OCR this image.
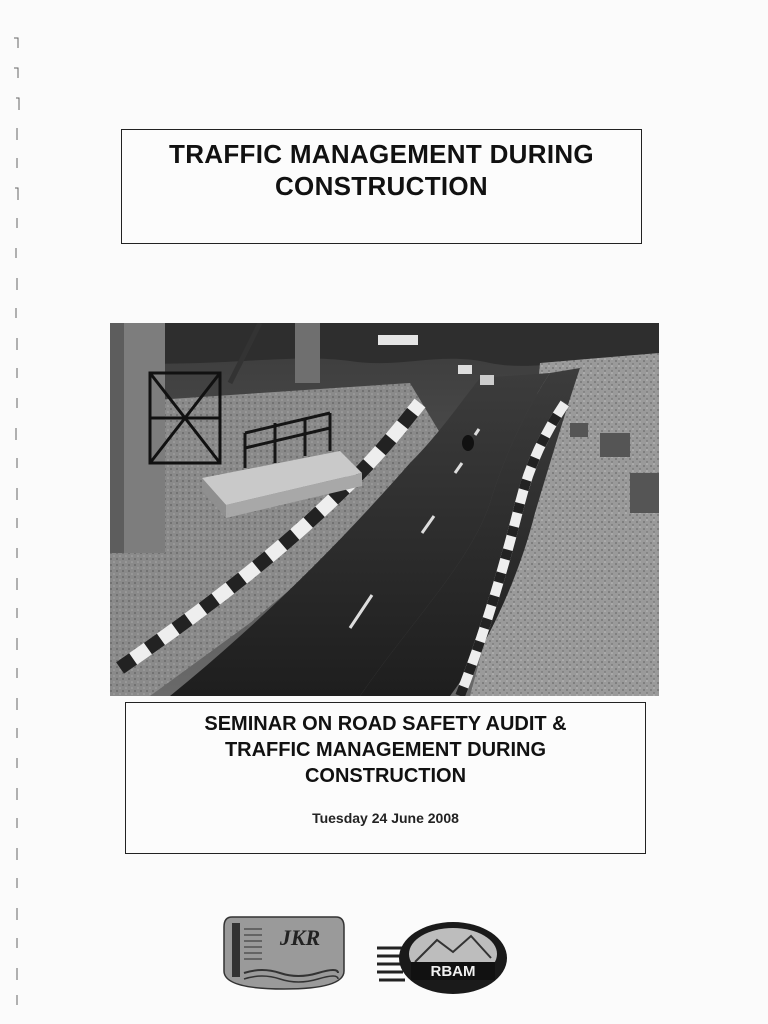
TRAFFIC MANAGEMENT DURING
CONSTRUCTION
SEMINAR ON ROAD SAFETY AUDIT &
TRAFFIC MANAGEMENT DURING
CONSTRUCTION
Tuesday 24 June 2008
JKR
RBAM
